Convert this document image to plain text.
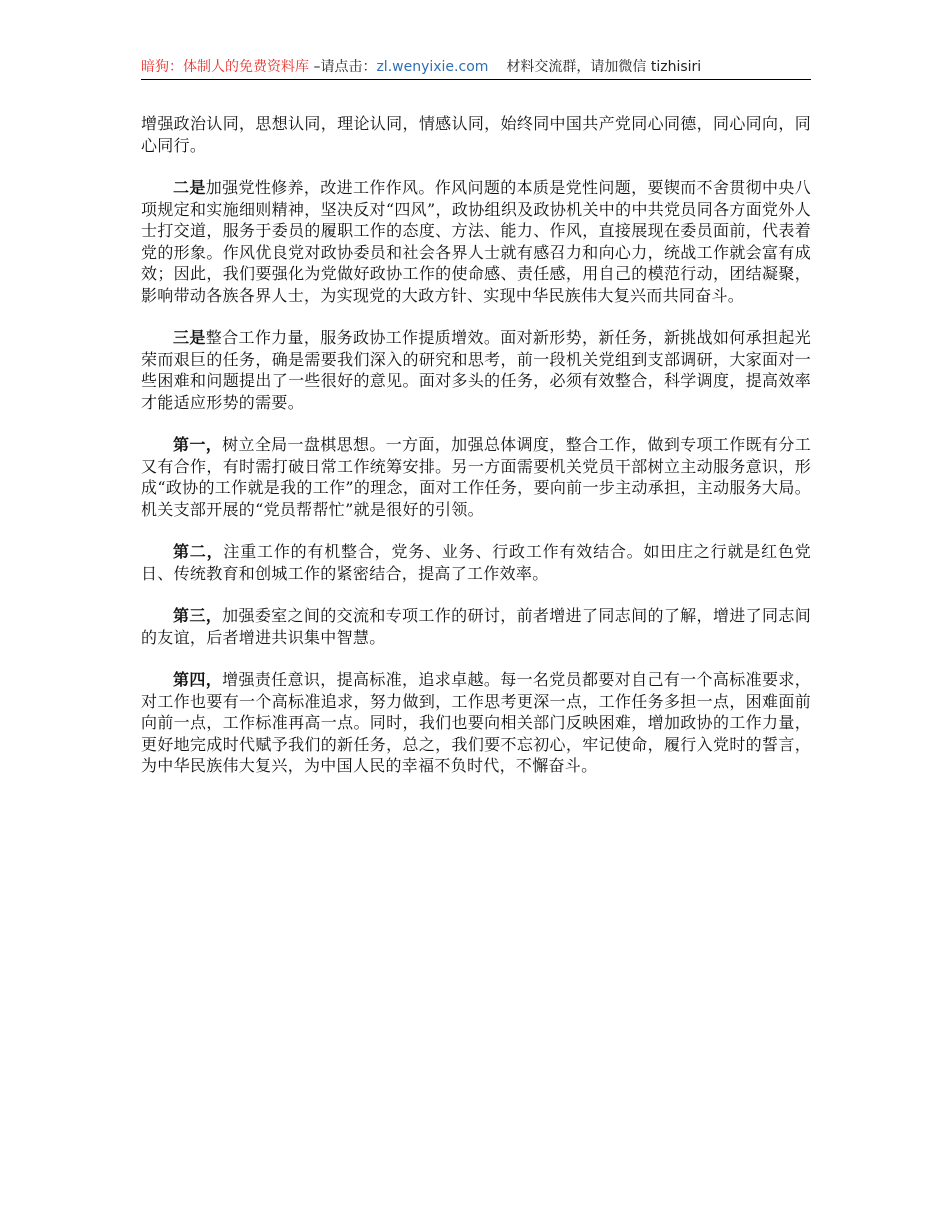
暗狗：体制人的免费资料库 –请点击：zl.wenyixie.com 材料交流群，请加微信 tizhisiri

增强政治认同，思想认同，理论认同，情感认同，始终同中国共产党同心同德，同心同向，同心同行。

二是加强党性修养，改进工作作风。作风问题的本质是党性问题，要锲而不舍贯彻中央八项规定和实施细则精神，坚决反对“四风”，政协组织及政协机关中的中共党员同各方面党外人士打交道，服务于委员的履职工作的态度、方法、能力、作风，直接展现在委员面前，代表着党的形象。作风优良党对政协委员和社会各界人士就有感召力和向心力，统战工作就会富有成效；因此，我们要强化为党做好政协工作的使命感、责任感，用自己的模范行动，团结凝聚，影响带动各族各界人士，为实现党的大政方针、实现中华民族伟大复兴而共同奋斗。

三是整合工作力量，服务政协工作提质增效。面对新形势，新任务，新挑战如何承担起光荣而艰巨的任务，确是需要我们深入的研究和思考，前一段机关党组到支部调研，大家面对一些困难和问题提出了一些很好的意见。面对多头的任务，必须有效整合，科学调度，提高效率才能适应形势的需要。

第一，树立全局一盘棋思想。一方面，加强总体调度，整合工作，做到专项工作既有分工又有合作，有时需打破日常工作统筹安排。另一方面需要机关党员干部树立主动服务意识，形成“政协的工作就是我的工作”的理念，面对工作任务，要向前一步主动承担，主动服务大局。机关支部开展的“党员帮帮忙”就是很好的引领。

第二，注重工作的有机整合，党务、业务、行政工作有效结合。如田庄之行就是红色党日、传统教育和创城工作的紧密结合，提高了工作效率。

第三，加强委室之间的交流和专项工作的研讨，前者增进了同志间的了解，增进了同志间的友谊，后者增进共识集中智慧。

第四，增强责任意识，提高标准，追求卓越。每一名党员都要对自己有一个高标准要求，对工作也要有一个高标准追求，努力做到，工作思考更深一点，工作任务多担一点，困难面前向前一点，工作标准再高一点。同时，我们也要向相关部门反映困难，增加政协的工作力量，更好地完成时代赋予我们的新任务，总之，我们要不忘初心，牢记使命，履行入党时的誓言，为中华民族伟大复兴，为中国人民的幸福不负时代，不懈奋斗。
